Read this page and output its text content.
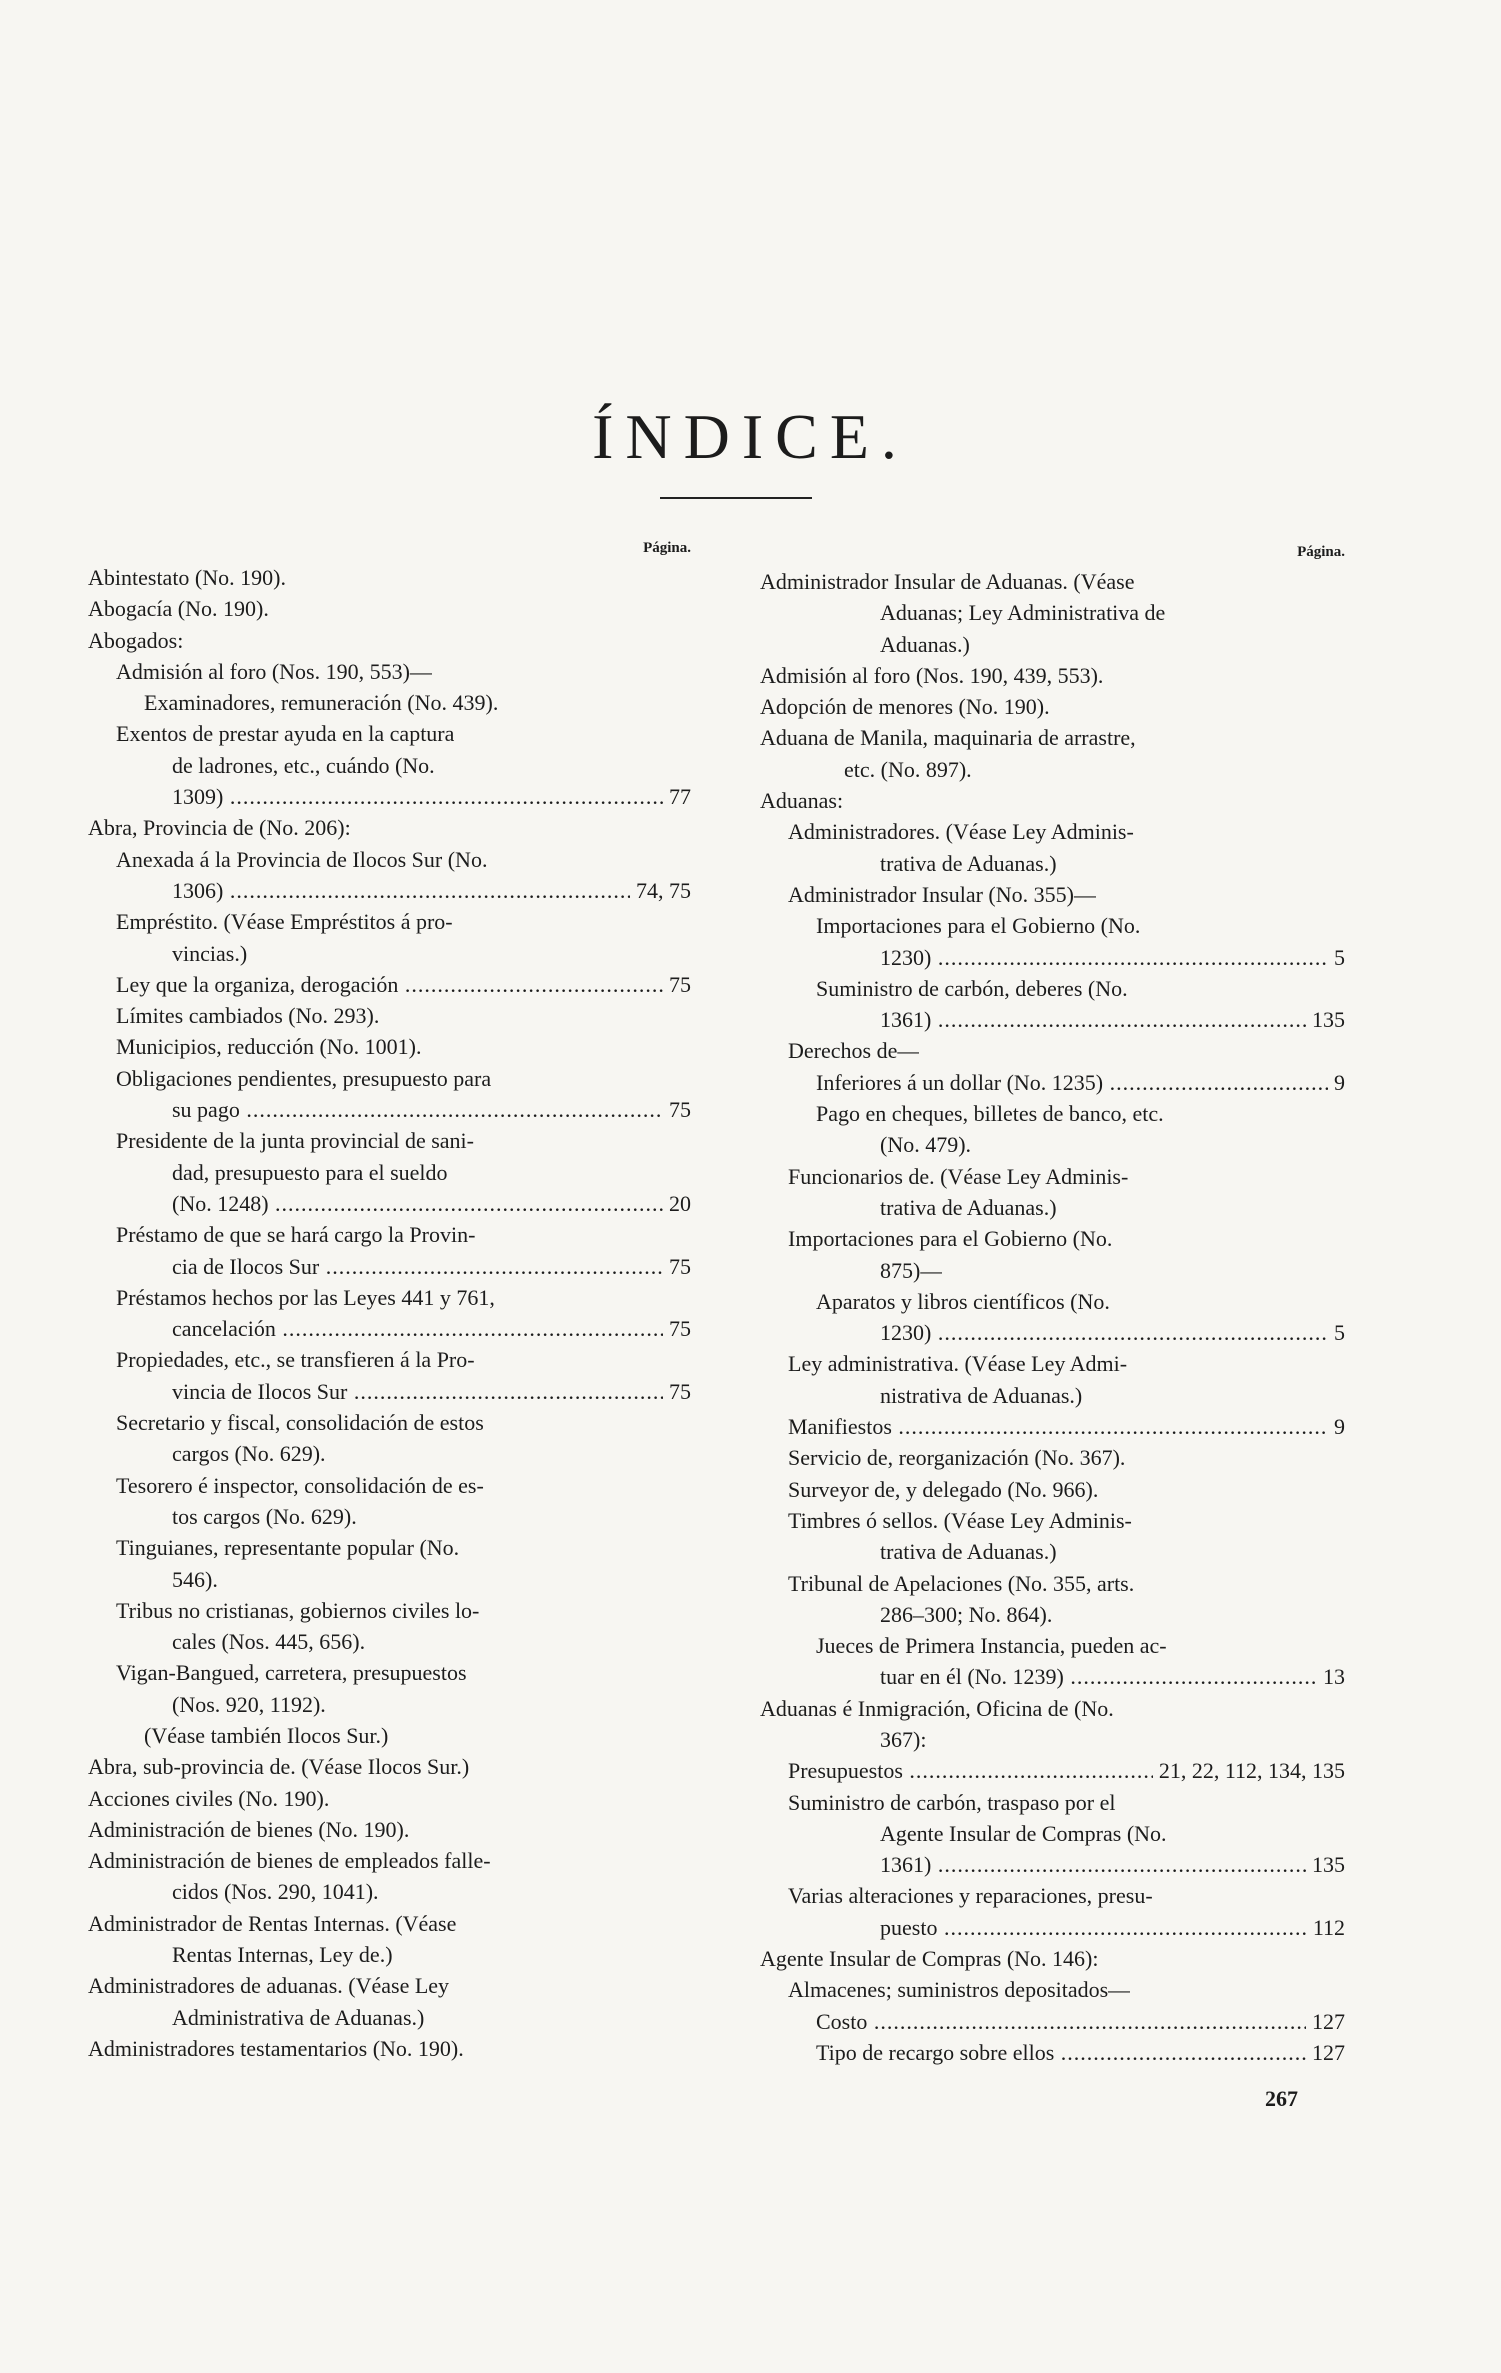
ÍNDICE.
Página.
Abintestato (No. 190).
Abogacía (No. 190).
Abogados:
Admisión al foro (Nos. 190, 553)—
Examinadores, remuneración (No. 439).
Exentos de prestar ayuda en la captura
de ladrones, etc., cuándo (No.
1309) .....	77
Abra, Provincia de (No. 206):
Anexada á la Provincia de Ilocos Sur (No.
1306) .....	74, 75
Empréstito. (Véase Empréstitos á pro-
vincias.)
Ley que la organiza, derogación .....	75
Límites cambiados (No. 293).
Municipios, reducción (No. 1001).
Obligaciones pendientes, presupuesto para
su pago .....	75
Presidente de la junta provincial de sani-
dad, presupuesto para el sueldo
(No. 1248) .....	20
Préstamo de que se hará cargo la Provin-
cia de Ilocos Sur .....	75
Préstamos hechos por las Leyes 441 y 761,
cancelación .....	75
Propiedades, etc., se transfieren á la Pro-
vincia de Ilocos Sur .....	75
Secretario y fiscal, consolidación de estos
cargos (No. 629).
Tesorero é inspector, consolidación de es-
tos cargos (No. 629).
Tinguianes, representante popular (No.
546).
Tribus no cristianas, gobiernos civiles lo-
cales (Nos. 445, 656).
Vigan-Bangued, carretera, presupuestos
(Nos. 920, 1192).
(Véase también Ilocos Sur.)
Abra, sub-provincia de. (Véase Ilocos Sur.)
Acciones civiles (No. 190).
Administración de bienes (No. 190).
Administración de bienes de empleados falle-
cidos (Nos. 290, 1041).
Administrador de Rentas Internas. (Véase
Rentas Internas, Ley de.)
Administradores de aduanas. (Véase Ley
Administrativa de Aduanas.)
Administradores testamentarios (No. 190).
Página.
Administrador Insular de Aduanas. (Véase
Aduanas; Ley Administrativa de
Aduanas.)
Admisión al foro (Nos. 190, 439, 553).
Adopción de menores (No. 190).
Aduana de Manila, maquinaria de arrastre,
etc. (No. 897).
Aduanas:
Administradores. (Véase Ley Adminis-
trativa de Aduanas.)
Administrador Insular (No. 355)—
Importaciones para el Gobierno (No.
1230) .....	5
Suministro de carbón, deberes (No.
1361) .....	135
Derechos de—
Inferiores á un dollar (No. 1235) .....	9
Pago en cheques, billetes de banco, etc.
(No. 479).
Funcionarios de. (Véase Ley Adminis-
trativa de Aduanas.)
Importaciones para el Gobierno (No.
875)—
Aparatos y libros científicos (No.
1230) .....	5
Ley administrativa. (Véase Ley Admi-
nistrativa de Aduanas.)
Manifiestos .....	9
Servicio de, reorganización (No. 367).
Surveyor de, y delegado (No. 966).
Timbres ó sellos. (Véase Ley Adminis-
trativa de Aduanas.)
Tribunal de Apelaciones (No. 355, arts.
286–300; No. 864).
Jueces de Primera Instancia, pueden ac-
tuar en él (No. 1239) .....	13
Aduanas é Inmigración, Oficina de (No.
367):
Presupuestos .....	21, 22, 112, 134, 135
Suministro de carbón, traspaso por el
Agente Insular de Compras (No.
1361) .....	135
Varias alteraciones y reparaciones, presu-
puesto .....	112
Agente Insular de Compras (No. 146):
Almacenes; suministros depositados—
Costo .....	127
Tipo de recargo sobre ellos .....	127
267
